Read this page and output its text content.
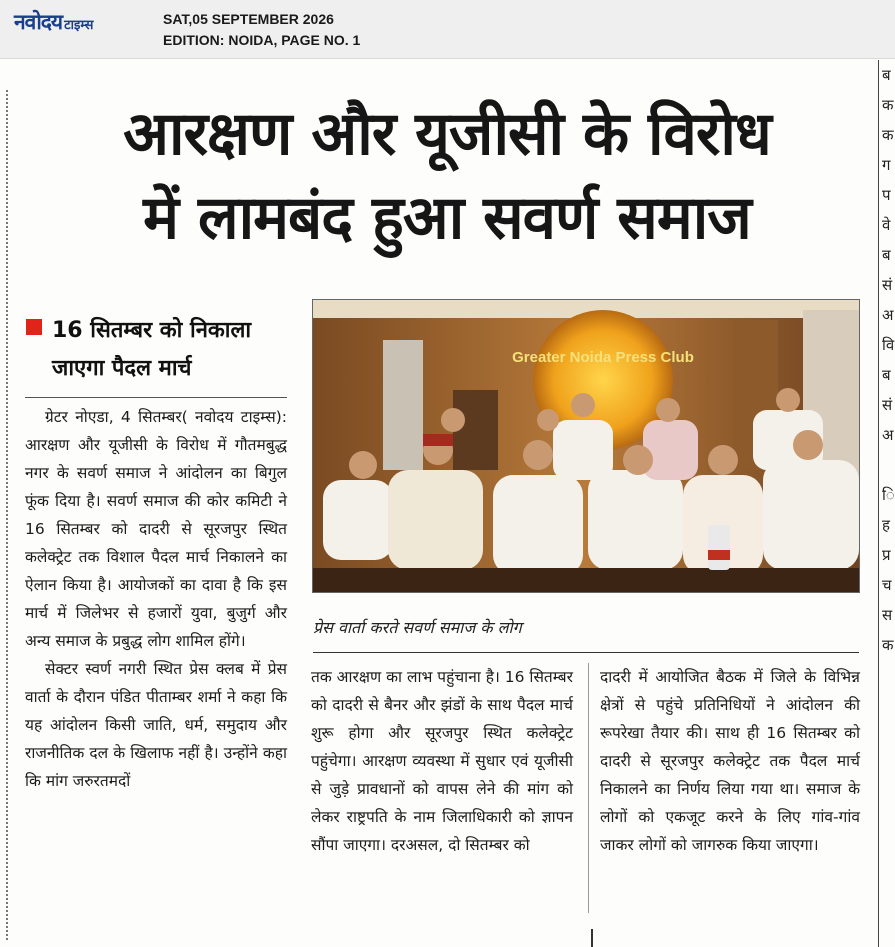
नवोदय टाइम्स	SAT,05 SEPTEMBER 2026
EDITION: NOIDA, PAGE NO. 1
आरक्षण और यूजीसी के विरोध
में लामबंद हुआ सवर्ण समाज
16 सितम्बर को निकाला
जाएगा पैदल मार्च

ग्रेटर नोएडा, 4 सितम्बर( नवोदय टाइम्स): आरक्षण और यूजीसी के विरोध में गौतमबुद्ध नगर के सवर्ण समाज ने आंदोलन का बिगुल फूंक दिया है। सवर्ण समाज की कोर कमिटी ने 16 सितम्बर को दादरी से सूरजपुर स्थित कलेक्ट्रेट तक विशाल पैदल मार्च निकालने का ऐलान किया है। आयोजकों का दावा है कि इस मार्च में जिलेभर से हजारों युवा, बुजुर्ग और अन्य समाज के प्रबुद्ध लोग शामिल होंगे।

सेक्टर स्वर्ण नगरी स्थित प्रेस क्लब में प्रेस वार्ता के दौरान पंडित पीताम्बर शर्मा ने कहा कि यह आंदोलन किसी जाति, धर्म, समुदाय और राजनीतिक दल के खिलाफ नहीं है। उन्होंने कहा कि मांग जरुरतमदों

Greater Noida Press Club
प्रेस वार्ता करते सवर्ण समाज के लोग

तक आरक्षण का लाभ पहुंचाना है। 16 सितम्बर को दादरी से बैनर और झंडों के साथ पैदल मार्च शुरू होगा और सूरजपुर स्थित कलेक्ट्रेट पहुंचेगा। आरक्षण व्यवस्था में सुधार एवं यूजीसी से जुड़े प्रावधानों को वापस लेने की मांग को लेकर राष्ट्रपति के नाम जिलाधिकारी को ज्ञापन सौंपा जाएगा। दरअसल, दो सितम्बर को

दादरी में आयोजित बैठक में जिले के विभिन्न क्षेत्रों से पहुंचे प्रतिनिधियों ने आंदोलन की रूपरेखा तैयार की। साथ ही 16 सितम्बर को दादरी से सूरजपुर कलेक्ट्रेट तक पैदल मार्च निकालने का निर्णय लिया गया था। समाज के लोगों को एकजूट करने के लिए गांव-गांव जाकर लोगों को जागरुक किया जाएगा।

ब
क
क
ग
प
वे
ब
सं
अ
वि
ब
सं
अ

ि
ह
प्र
च
स
क
